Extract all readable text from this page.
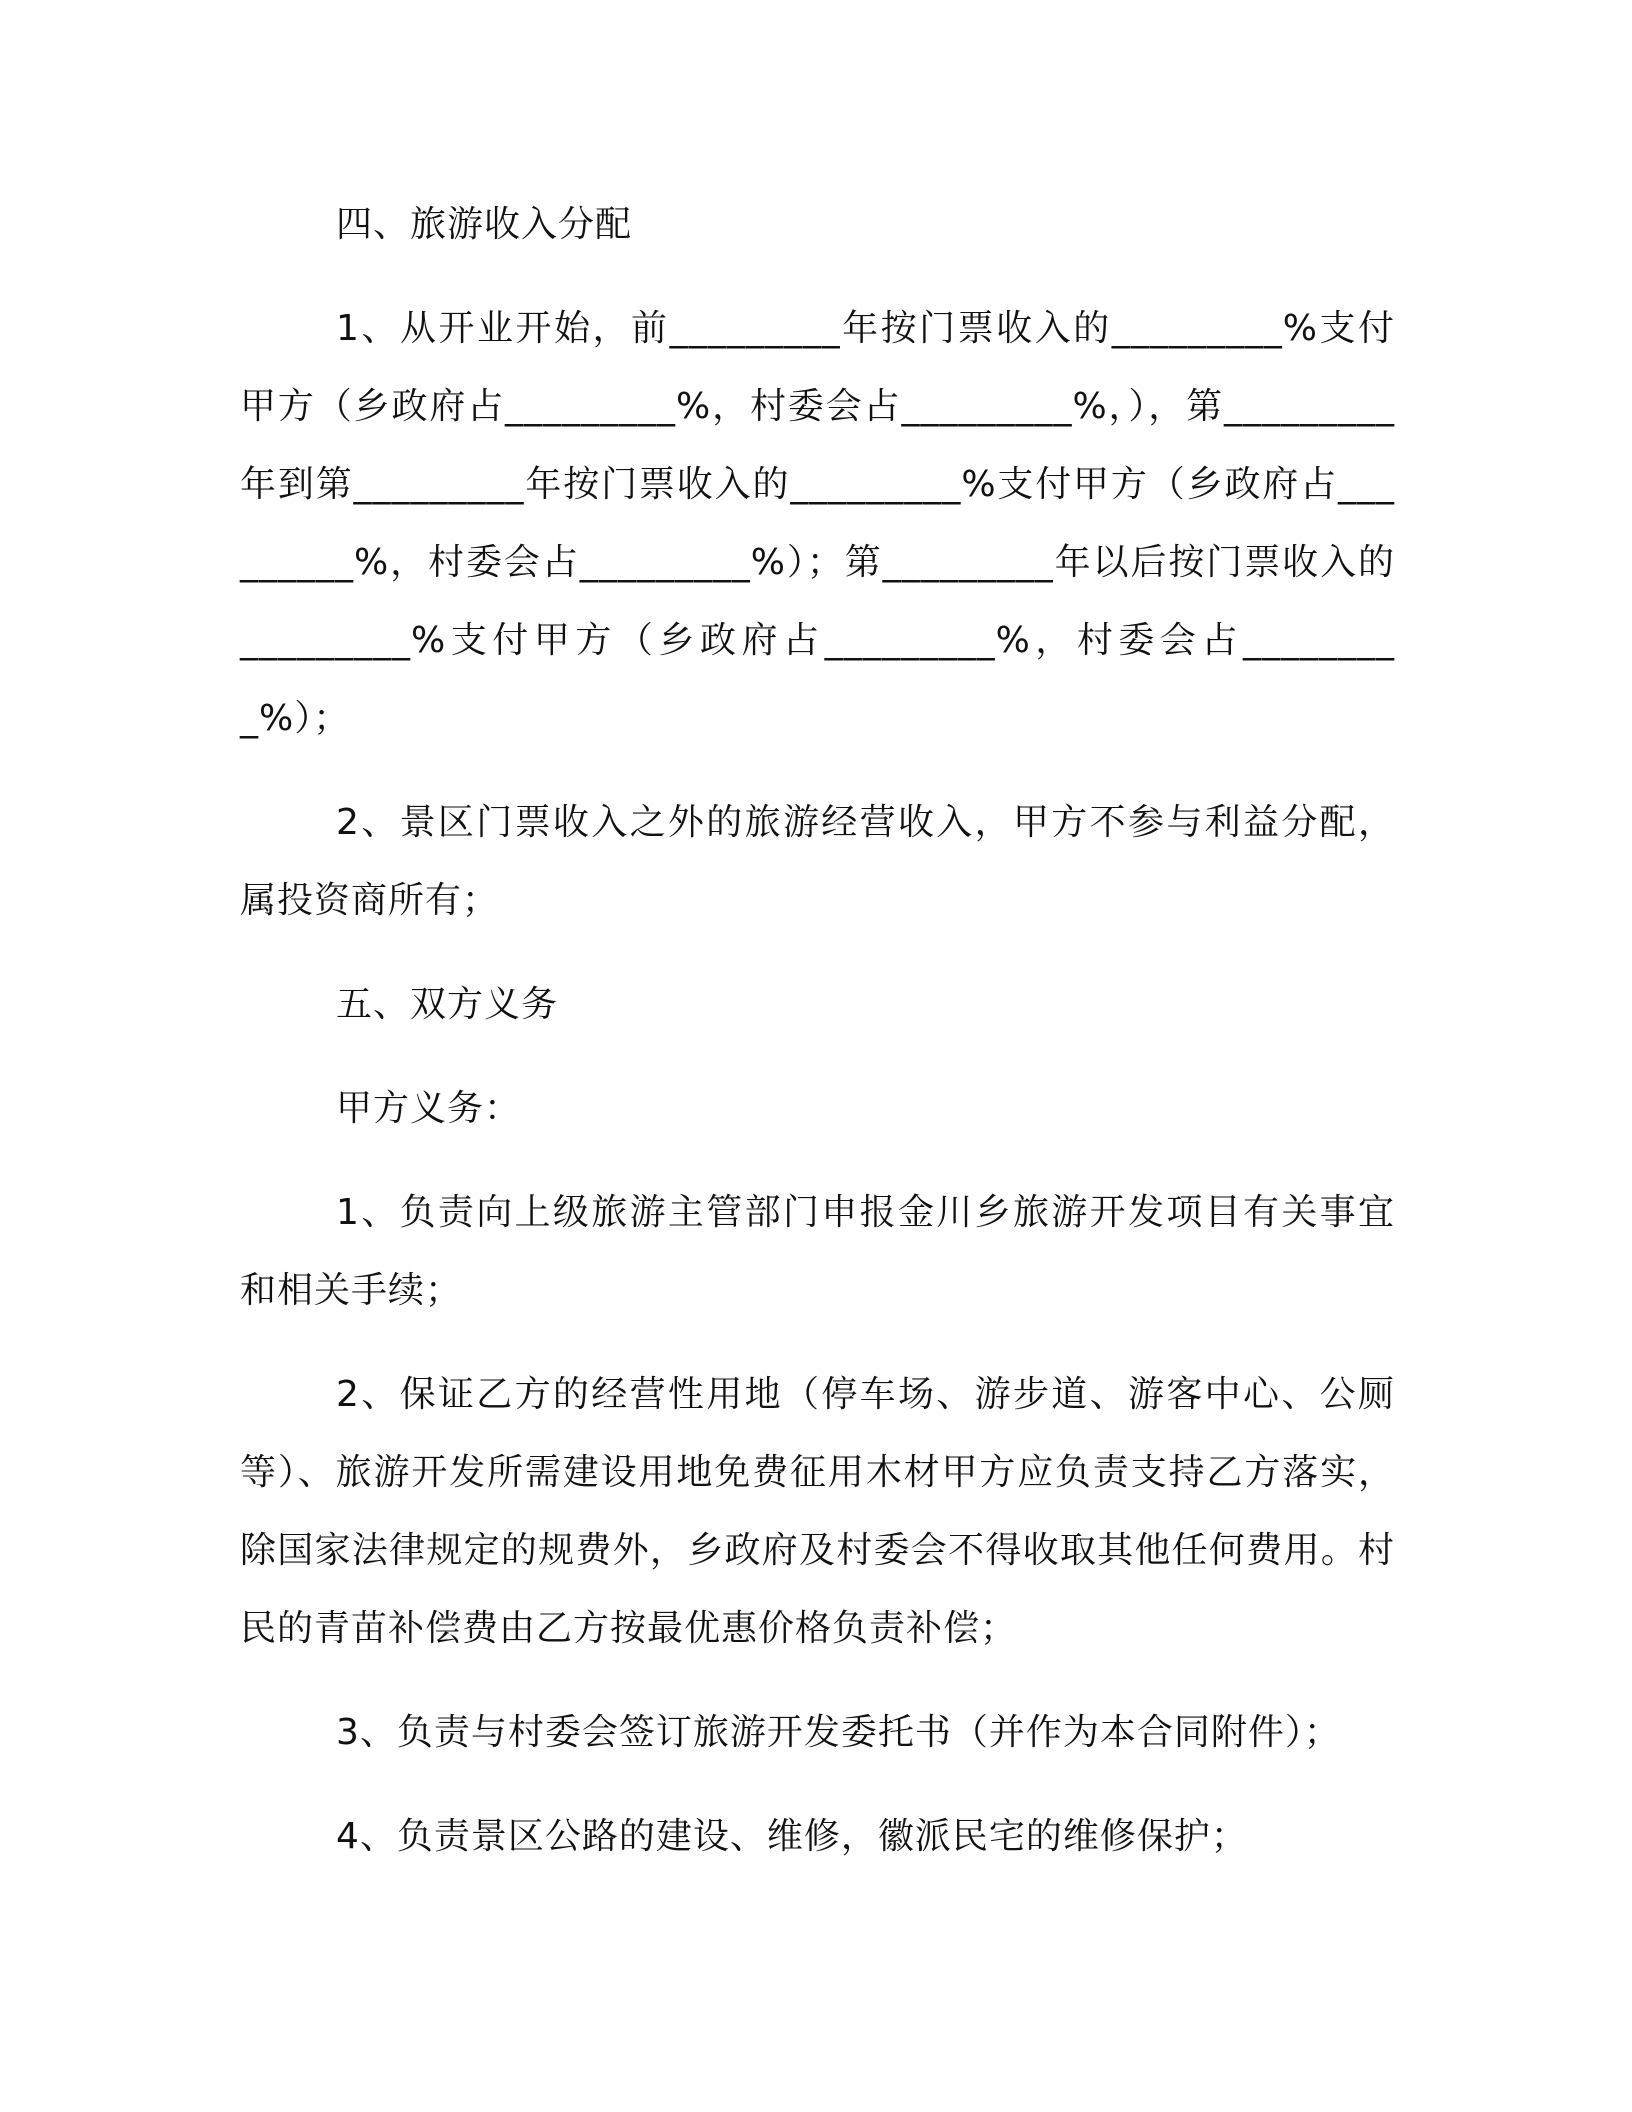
四、旅游收入分配

1、从开业开始，前_________年按门票收入的_________%支付甲方（乡政府占_________%，村委会占_________%，），第_________年到第_________年按门票收入的_________%支付甲方（乡政府占_________%，村委会占_________%）；第_________年以后按门票收入的_________%支付甲方（乡政府占_________%，村委会占_________%）；

2、景区门票收入之外的旅游经营收入，甲方不参与利益分配，属投资商所有；

五、双方义务

甲方义务：

1、负责向上级旅游主管部门申报金川乡旅游开发项目有关事宜和相关手续；

2、保证乙方的经营性用地（停车场、游步道、游客中心、公厕等）、旅游开发所需建设用地免费征用木材甲方应负责支持乙方落实，除国家法律规定的规费外，乡政府及村委会不得收取其他任何费用。村民的青苗补偿费由乙方按最优惠价格负责补偿；

3、负责与村委会签订旅游开发委托书（并作为本合同附件）；

4、负责景区公路的建设、维修，徽派民宅的维修保护；
